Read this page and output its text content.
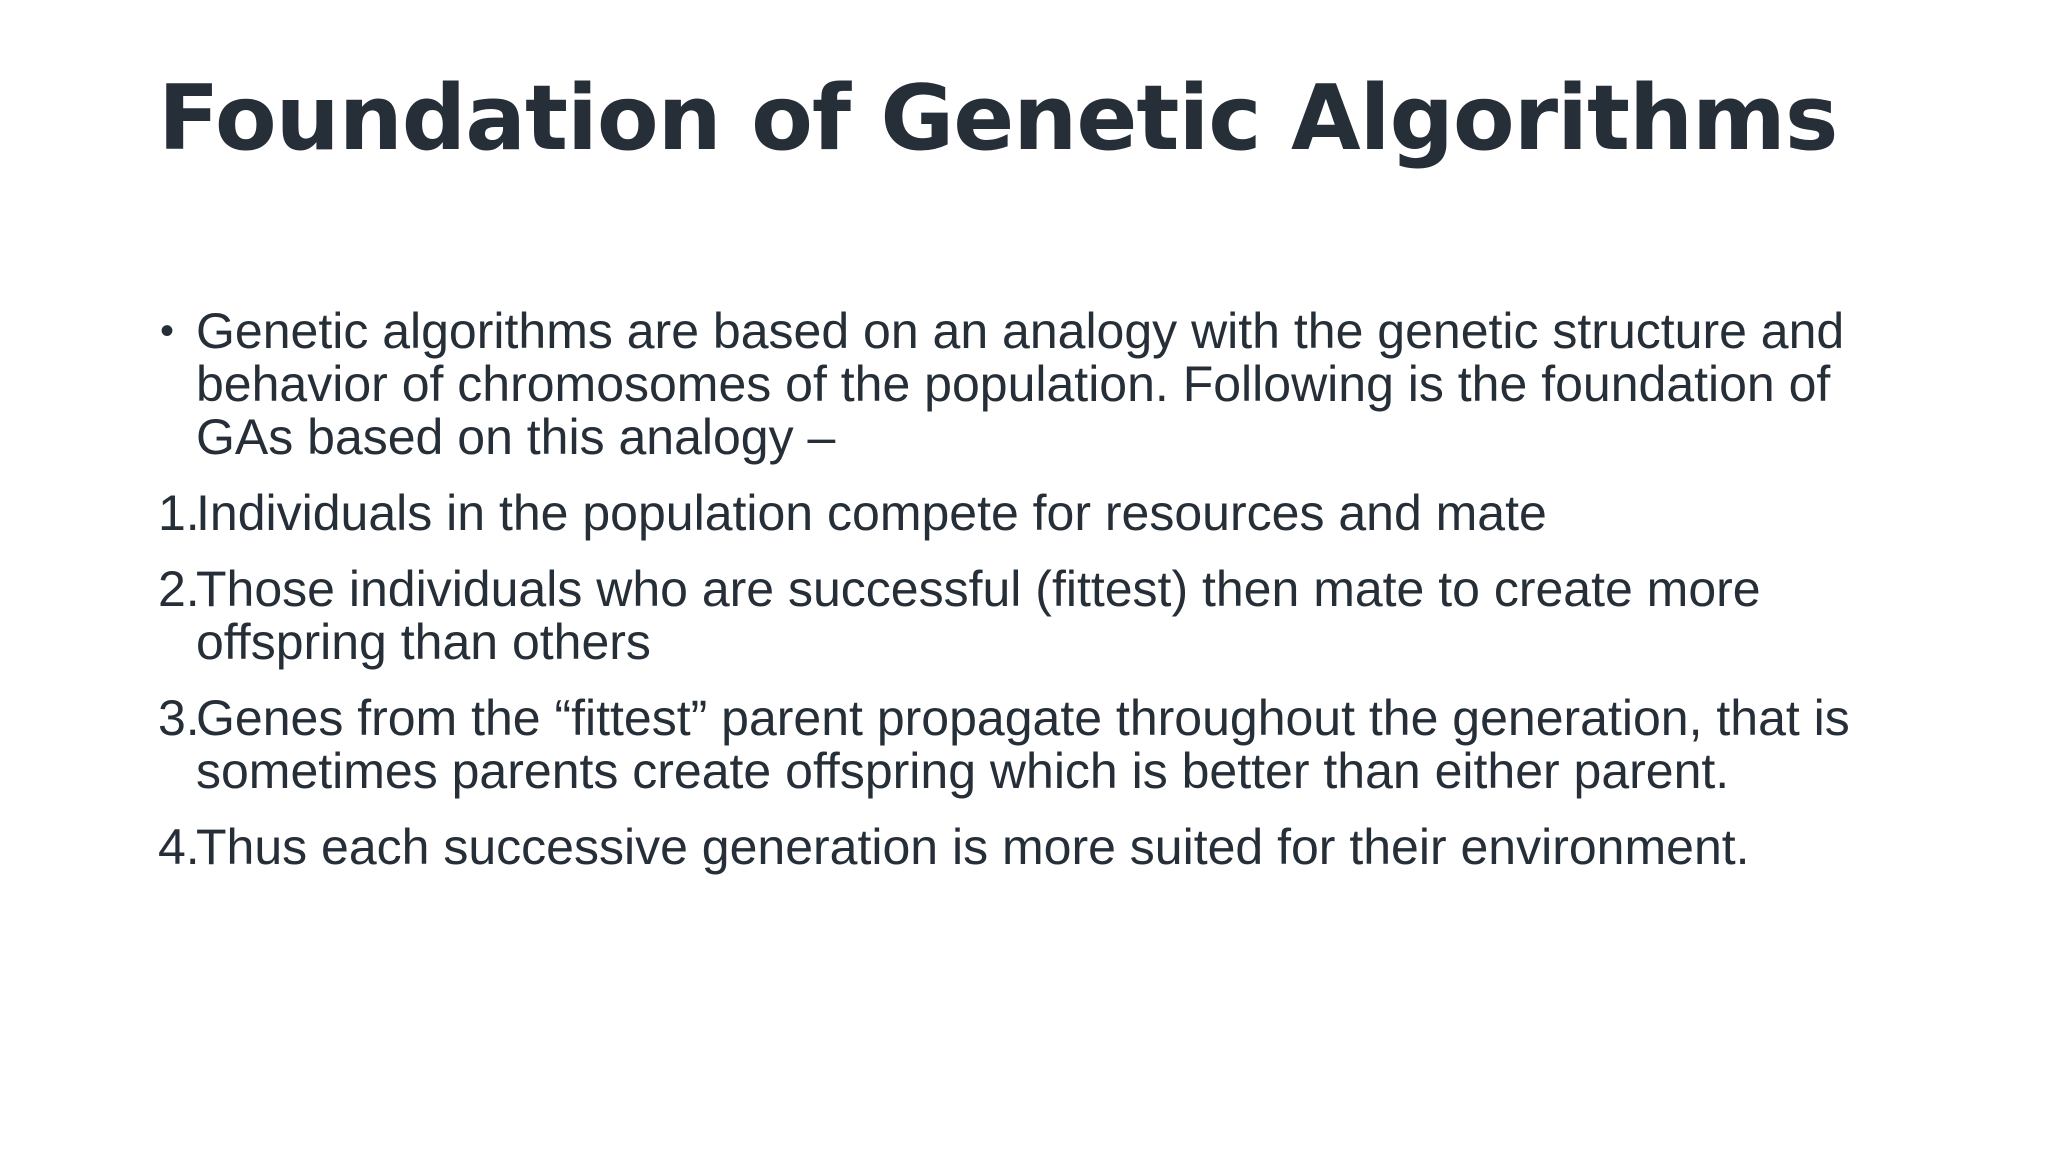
Foundation of Genetic Algorithms
• Genetic algorithms are based on an analogy with the genetic structure and behavior of chromosomes of the population. Following is the foundation of GAs based on this analogy –
1.
Individuals in the population compete for resources and mate
2.
Those individuals who are successful (fittest) then mate to create more offspring than others
3.
Genes from the “fittest” parent propagate throughout the generation, that is sometimes parents create offspring which is better than either parent.
4.
Thus each successive generation is more suited for their environment.
